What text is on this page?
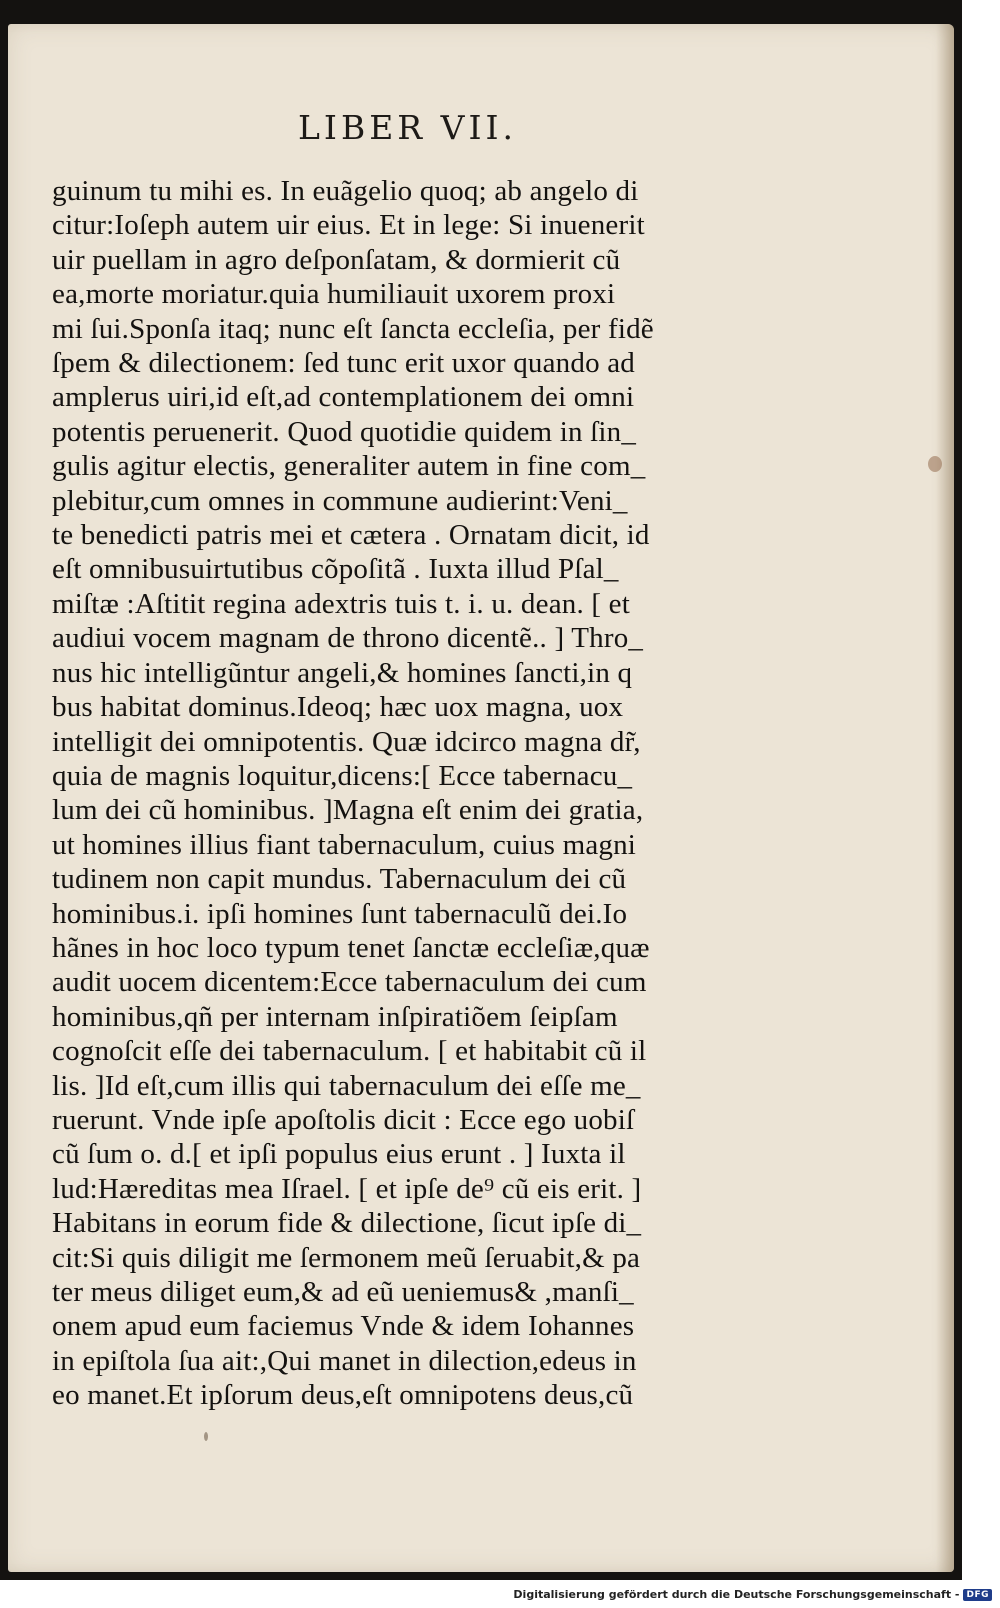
LIBER VII.
guinum tu mihi es. In euãgelio quoq; ab angelo di
citur:Ioſeph autem uir eius. Et in lege: Si inuenerit
uir puellam in agro deſponſatam, & dormierit cũ
ea,morte moriatur.quia humiliauit uxorem proxi
mi ſui.Sponſa itaq; nunc eſt ſancta eccleſia, per fidẽ
ſpem & dilectionem: ſed tunc erit uxor quando ad
amplerus uiri,id eſt,ad contemplationem dei omni
potentis peruenerit. Quod quotidie quidem in ſin_
gulis agitur electis, generaliter autem in fine com_
plebitur,cum omnes in commune audierint:Veni_
te benedicti patris mei et cætera . Ornatam dicit, id
eſt omnibusuirtutibus cõpoſitã . Iuxta illud Pſal_
miſtæ :Aſtitit regina adextris tuis t. i. u. dean. [ et
audiui vocem magnam de throno dicentẽ.. ] Thro_
nus hic intelligũntur angeli,& homines ſancti,in q
bus habitat dominus.Ideoq; hæc uox magna, uox
intelligit dei omnipotentis. Quæ idcirco magna dr̃,
quia de magnis loquitur,dicens:[ Ecce tabernacu_
lum dei cũ hominibus. ]Magna eſt enim dei gratia,
ut homines illius fiant tabernaculum, cuius magni
tudinem non capit mundus. Tabernaculum dei cũ
hominibus.i. ipſi homines ſunt tabernaculũ dei.Io
hãnes in hoc loco typum tenet ſanctæ eccleſiæ,quæ
audit uocem dicentem:Ecce tabernaculum dei cum
hominibus,qñ per internam inſpiratiõem ſeipſam
cognoſcit eſſe dei tabernaculum. [ et habitabit cũ il
lis. ]Id eſt,cum illis qui tabernaculum dei eſſe me_
ruerunt. Vnde ipſe apoſtolis dicit : Ecce ego uobiſ
cũ ſum o. d.[ et ipſi populus eius erunt . ] Iuxta il
lud:Hæreditas mea Iſrael. [ et ipſe de⁹ cũ eis erit. ]
Habitans in eorum fide & dilectione, ſicut ipſe di_
cit:Si quis diligit me ſermonem meũ ſeruabit,& pa
ter meus diliget eum,& ad eũ ueniemus& ,manſi_
onem apud eum faciemus Vnde & idem Iohannes
in epiſtola ſua ait:,Qui manet in dilection,edeus in
eo manet.Et ipſorum deus,eſt omnipotens deus,cũ
Digitalisierung gefördert durch die Deutsche Forschungsgemeinschaft - DFG
